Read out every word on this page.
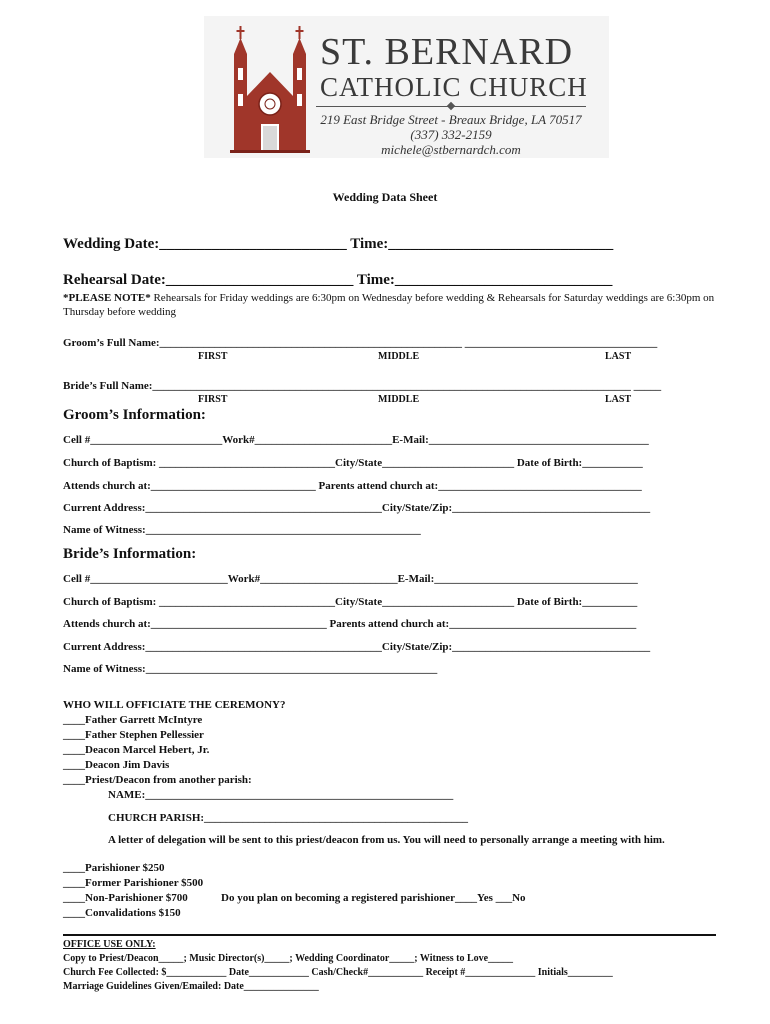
ST. BERNARD
CATHOLIC CHURCH
219 East Bridge Street - Breaux Bridge, LA 70517
(337) 332-2159
michele@stbernardch.com
Wedding Data Sheet
Wedding Date:_________________________ Time:______________________________
Rehearsal Date:_________________________ Time:_____________________________
*PLEASE NOTE* Rehearsals for Friday weddings are 6:30pm on Wednesday before wedding & Rehearsals for Saturday weddings are 6:30pm on Thursday before wedding
Groom’s Full Name:_______________________________________________________ ___________________________________
FIRST	MIDDLE	LAST
Bride’s Full Name:_______________________________________________________________________________________ _____
FIRST	MIDDLE	LAST
Groom’s Information:
Cell #________________________Work#_________________________E-Mail:________________________________________
Church of Baptism: ________________________________City/State________________________ Date of Birth:___________
Attends church at:______________________________ Parents attend church at:_____________________________________
Current Address:___________________________________________City/State/Zip:____________________________________
Name of Witness:__________________________________________________
Bride’s Information:
Cell #_________________________Work#_________________________E-Mail:_____________________________________
Church of Baptism: ________________________________City/State________________________ Date of Birth:__________
Attends church at:________________________________ Parents attend church at:__________________________________
Current Address:___________________________________________City/State/Zip:____________________________________
Name of Witness:_____________________________________________________
WHO WILL OFFICIATE THE CEREMONY?
____Father Garrett McIntyre
____Father Stephen Pellessier
____Deacon Marcel Hebert, Jr.
____Deacon Jim Davis
____Priest/Deacon from another parish:
NAME:________________________________________________________
CHURCH PARISH:________________________________________________
A letter of delegation will be sent to this priest/deacon from us. You will need to personally arrange a meeting with him.
____Parishioner $250
____Former Parishioner $500
____Non-Parishioner $700	Do you plan on becoming a registered parishioner____Yes ___No
____Convalidations $150
OFFICE USE ONLY:
Copy to Priest/Deacon_____; Music Director(s)_____; Wedding Coordinator_____; Witness to Love_____
Church Fee Collected: $____________ Date____________ Cash/Check#___________ Receipt #______________ Initials_________
Marriage Guidelines Given/Emailed: Date_______________
